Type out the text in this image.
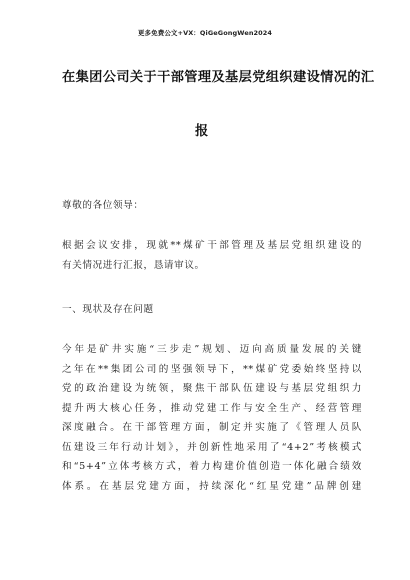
更多免费公文+VX：QiGeGongWen2024
在集团公司关于干部管理及基层党组织建设情况的汇
报
尊敬的各位领导：
根据会议安排，现就**煤矿干部管理及基层党组织建设的
有关情况进行汇报，恳请审议。
一、现状及存在问题
今年是矿井实施“三步走”规划、迈向高质量发展的关键
之年在**集团公司的坚强领导下，**煤矿党委始终坚持以
党的政治建设为统领，聚焦干部队伍建设与基层党组织力
提升两大核心任务，推动党建工作与安全生产、经营管理
深度融合。在干部管理方面，制定并实施了《管理人员队
伍建设三年行动计划》，并创新性地采用了“4+2”考核模式
和“5+4”立体考核方式，着力构建价值创造一体化融合绩效
体系。在基层党建方面，持续深化“红星党建”品牌创建
